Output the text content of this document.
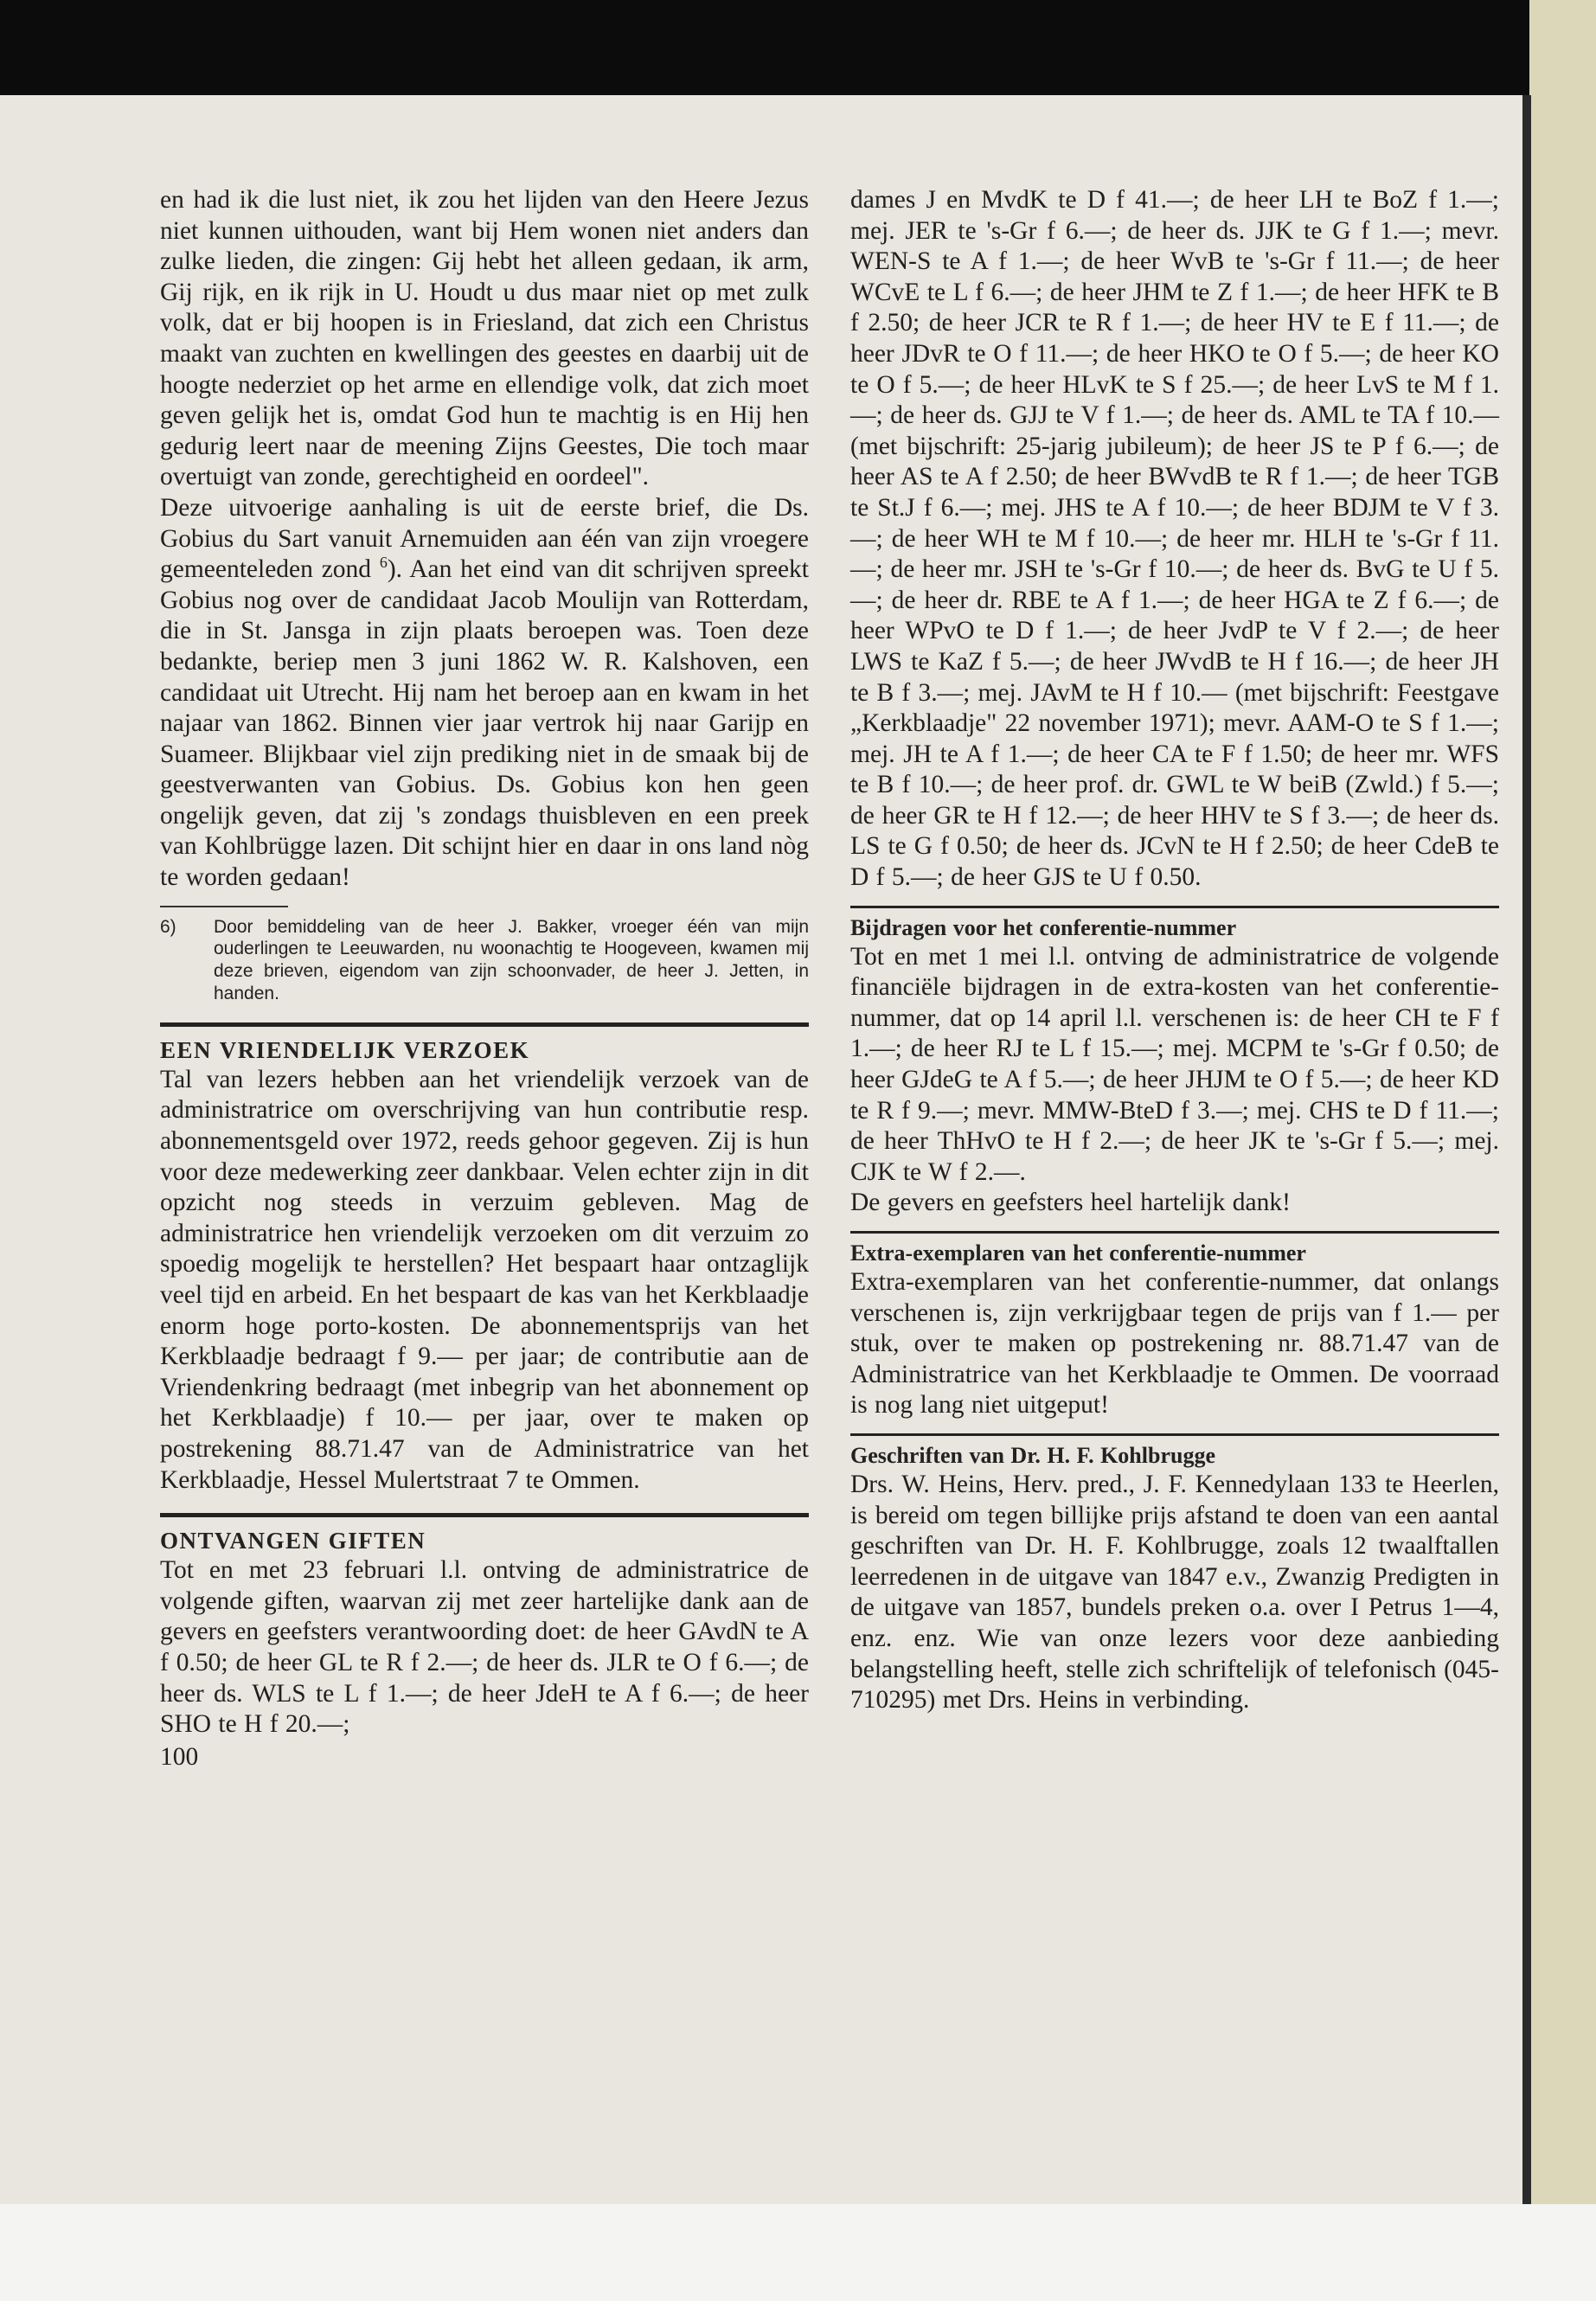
en had ik die lust niet, ik zou het lijden van den Heere Jezus niet kunnen uithouden, want bij Hem wonen niet anders dan zulke lieden, die zingen: Gij hebt het alleen gedaan, ik arm, Gij rijk, en ik rijk in U. Houdt u dus maar niet op met zulk volk, dat er bij hoopen is in Friesland, dat zich een Christus maakt van zuchten en kwellingen des geestes en daarbij uit de hoogte nederziet op het arme en ellendige volk, dat zich moet geven gelijk het is, omdat God hun te machtig is en Hij hen gedurig leert naar de meening Zijns Geestes, Die toch maar overtuigt van zonde, gerechtigheid en oordeel".

Deze uitvoerige aanhaling is uit de eerste brief, die Ds. Gobius du Sart vanuit Arnemuiden aan één van zijn vroegere gemeenteleden zond $^6$). Aan het eind van dit schrijven spreekt Gobius nog over de candidaat Jacob Moulijn van Rotterdam, die in St. Jansga in zijn plaats beroepen was. Toen deze bedankte, beriep men 3 juni 1862 W. R. Kalshoven, een candidaat uit Utrecht. Hij nam het beroep aan en kwam in het najaar van 1862. Binnen vier jaar vertrok hij naar Garijp en Suameer. Blijkbaar viel zijn prediking niet in de smaak bij de geestverwanten van Gobius. Ds. Gobius kon hen geen ongelijk geven, dat zij 's zondags thuisbleven en een preek van Kohlbrügge lazen. Dit schijnt hier en daar in ons land nòg te worden gedaan!

6)	Door bemiddeling van de heer J. Bakker, vroeger één van mijn ouderlingen te Leeuwarden, nu woonachtig te Hoogeveen, kwamen mij deze brieven, eigendom van zijn schoonvader, de heer J. Jetten, in handen.
EEN VRIENDELIJK VERZOEK

Tal van lezers hebben aan het vriendelijk verzoek van de administratrice om overschrijving van hun contributie resp. abonnementsgeld over 1972, reeds gehoor gegeven. Zij is hun voor deze medewerking zeer dankbaar. Velen echter zijn in dit opzicht nog steeds in verzuim gebleven. Mag de administratrice hen vriendelijk verzoeken om dit verzuim zo spoedig mogelijk te herstellen? Het bespaart haar ontzaglijk veel tijd en arbeid. En het bespaart de kas van het Kerkblaadje enorm hoge porto-kosten. De abonnementsprijs van het Kerkblaadje bedraagt f 9.— per jaar; de contributie aan de Vriendenkring bedraagt (met inbegrip van het abonnement op het Kerkblaadje) f 10.— per jaar, over te maken op postrekening 88.71.47 van de Administratrice van het Kerkblaadje, Hessel Mulertstraat 7 te Ommen.

ONTVANGEN GIFTEN

Tot en met 23 februari l.l. ontving de administratrice de volgende giften, waarvan zij met zeer hartelijke dank aan de gevers en geefsters verantwoording doet: de heer GAvdN te A f 0.50; de heer GL te R f 2.—; de heer ds. JLR te O f 6.—; de heer ds. WLS te L f 1.—; de heer JdeH te A f 6.—; de heer SHO te H f 20.—;

100

dames J en MvdK te D f 41.—; de heer LH te BoZ f 1.—; mej. JER te 's-Gr f 6.—; de heer ds. JJK te G f 1.—; mevr. WEN-S te A f 1.—; de heer WvB te 's-Gr f 11.—; de heer WCvE te L f 6.—; de heer JHM te Z f 1.—; de heer HFK te B f 2.50; de heer JCR te R f 1.—; de heer HV te E f 11.—; de heer JDvR te O f 11.—; de heer HKO te O f 5.—; de heer KO te O f 5.—; de heer HLvK te S f 25.—; de heer LvS te M f 1.—; de heer ds. GJJ te V f 1.—; de heer ds. AML te TA f 10.— (met bijschrift: 25-jarig jubileum); de heer JS te P f 6.—; de heer AS te A f 2.50; de heer BWvdB te R f 1.—; de heer TGB te St.J f 6.—; mej. JHS te A f 10.—; de heer BDJM te V f 3.—; de heer WH te M f 10.—; de heer mr. HLH te 's-Gr f 11.—; de heer mr. JSH te 's-Gr f 10.—; de heer ds. BvG te U f 5.—; de heer dr. RBE te A f 1.—; de heer HGA te Z f 6.—; de heer WPvO te D f 1.—; de heer JvdP te V f 2.—; de heer LWS te KaZ f 5.—; de heer JWvdB te H f 16.—; de heer JH te B f 3.—; mej. JAvM te H f 10.— (met bijschrift: Feestgave „Kerkblaadje" 22 november 1971); mevr. AAM-O te S f 1.—; mej. JH te A f 1.—; de heer CA te F f 1.50; de heer mr. WFS te B f 10.—; de heer prof. dr. GWL te W beiB (Zwld.) f 5.—; de heer GR te H f 12.—; de heer HHV te S f 3.—; de heer ds. LS te G f 0.50; de heer ds. JCvN te H f 2.50; de heer CdeB te D f 5.—; de heer GJS te U f 0.50.

Bijdragen voor het conferentie-nummer

Tot en met 1 mei l.l. ontving de administratrice de volgende financiële bijdragen in de extra-kosten van het conferentie-nummer, dat op 14 april l.l. verschenen is: de heer CH te F f 1.—; de heer RJ te L f 15.—; mej. MCPM te 's-Gr f 0.50; de heer GJdeG te A f 5.—; de heer JHJM te O f 5.—; de heer KD te R f 9.—; mevr. MMW-BteD f 3.—; mej. CHS te D f 11.—; de heer ThHvO te H f 2.—; de heer JK te 's-Gr f 5.—; mej. CJK te W f 2.—.

De gevers en geefsters heel hartelijk dank!

Extra-exemplaren van het conferentie-nummer

Extra-exemplaren van het conferentie-nummer, dat onlangs verschenen is, zijn verkrijgbaar tegen de prijs van f 1.— per stuk, over te maken op postrekening nr. 88.71.47 van de Administratrice van het Kerkblaadje te Ommen. De voorraad is nog lang niet uitgeput!

Geschriften van Dr. H. F. Kohlbrugge

Drs. W. Heins, Herv. pred., J. F. Kennedylaan 133 te Heerlen, is bereid om tegen billijke prijs afstand te doen van een aantal geschriften van Dr. H. F. Kohlbrugge, zoals 12 twaalftallen leerredenen in de uitgave van 1847 e.v., Zwanzig Predigten in de uitgave van 1857, bundels preken o.a. over I Petrus 1—4, enz. enz. Wie van onze lezers voor deze aanbieding belangstelling heeft, stelle zich schriftelijk of telefonisch (045-710295) met Drs. Heins in verbinding.
